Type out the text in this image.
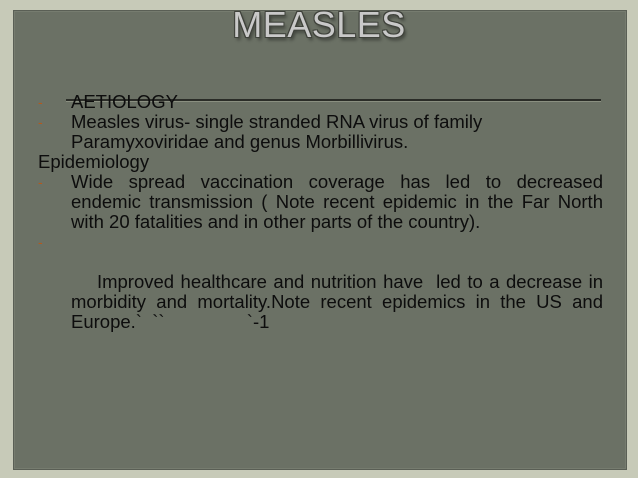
MEASLES
- AETIOLOGY
- Measles virus- single stranded RNA virus of family Paramyxoviridae and genus Morbillivirus.
Epidemiology
- Wide spread vaccination coverage has led to decreased endemic transmission ( Note recent epidemic in the Far North with 20 fatalities and in other parts of the country).

-

Improved healthcare and nutrition have  led to a decrease in morbidity and mortality.Note recent epidemics in the US and Europe.`  ``                `-1
